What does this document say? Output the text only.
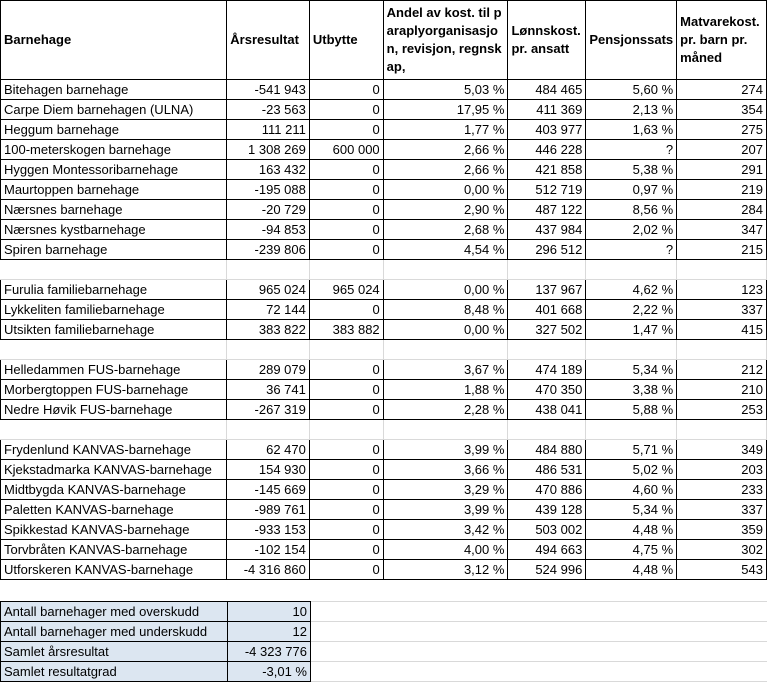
Barnehage	Årsresultat	Utbytte	Andel av kost. til paraplyorganisasjon, revisjon, regnskap,	Lønnskost. pr. ansatt	Pensjonssats	Matvarekost. pr. barn pr. måned
Bitehagen barnehage	-541 943	0	5,03 %	484 465	5,60 %	274
Carpe Diem barnehagen (ULNA)	-23 563	0	17,95 %	411 369	2,13 %	354
Heggum barnehage	111 211	0	1,77 %	403 977	1,63 %	275
100-meterskogen barnehage	1 308 269	600 000	2,66 %	446 228	?	207
Hyggen Montessoribarnehage	163 432	0	2,66 %	421 858	5,38 %	291
Maurtoppen barnehage	-195 088	0	0,00 %	512 719	0,97 %	219
Nærsnes barnehage	-20 729	0	2,90 %	487 122	8,56 %	284
Nærsnes kystbarnehage	-94 853	0	2,68 %	437 984	2,02 %	347
Spiren barnehage	-239 806	0	4,54 %	296 512	?	215

Furulia familiebarnehage	965 024	965 024	0,00 %	137 967	4,62 %	123
Lykkeliten familiebarnehage	72 144	0	8,48 %	401 668	2,22 %	337
Utsikten familiebarnehage	383 822	383 882	0,00 %	327 502	1,47 %	415

Helledammen FUS-barnehage	289 079	0	3,67 %	474 189	5,34 %	212
Morbergtoppen FUS-barnehage	36 741	0	1,88 %	470 350	3,38 %	210
Nedre Høvik FUS-barnehage	-267 319	0	2,28 %	438 041	5,88 %	253

Frydenlund KANVAS-barnehage	62 470	0	3,99 %	484 880	5,71 %	349
Kjekstadmarka KANVAS-barnehage	154 930	0	3,66 %	486 531	5,02 %	203
Midtbygda KANVAS-barnehage	-145 669	0	3,29 %	470 886	4,60 %	233
Paletten KANVAS-barnehage	-989 761	0	3,99 %	439 128	5,34 %	337
Spikkestad KANVAS-barnehage	-933 153	0	3,42 %	503 002	4,48 %	359
Torvbråten KANVAS-barnehage	-102 154	0	4,00 %	494 663	4,75 %	302
Utforskeren KANVAS-barnehage	-4 316 860	0	3,12 %	524 996	4,48 %	543
Antall barnehager med overskudd	10
Antall barnehager med underskudd	12
Samlet årsresultat	-4 323 776
Samlet resultatgrad	-3,01 %
